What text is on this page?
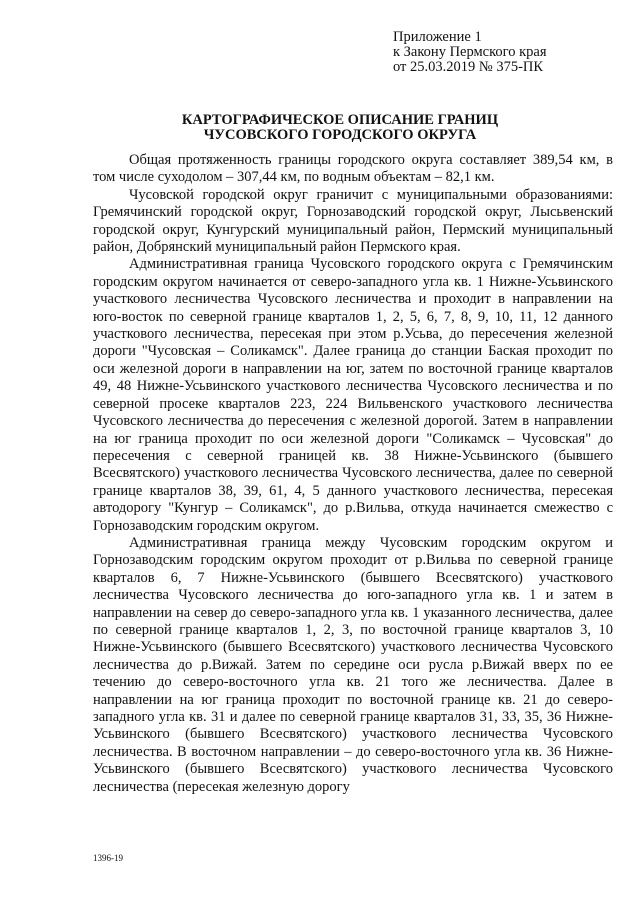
Приложение 1
к Закону Пермского края
от 25.03.2019 № 375-ПК
КАРТОГРАФИЧЕСКОЕ ОПИСАНИЕ ГРАНИЦ
ЧУСОВСКОГО ГОРОДСКОГО ОКРУГА

Общая протяженность границы городского округа составляет 389,54 км, в том числе суходолом – 307,44 км, по водным объектам – 82,1 км.

Чусовской городской округ граничит с муниципальными образованиями: Гремячинский городской округ, Горнозаводский городской округ, Лысьвенский городской округ, Кунгурский муниципальный район, Пермский муниципальный район, Добрянский муниципальный район Пермского края.

Административная граница Чусовского городского округа с Гремячинским городским округом начинается от северо-западного угла кв. 1 Нижне-Усьвинского участкового лесничества Чусовского лесничества и проходит в направлении на юго-восток по северной границе кварталов 1, 2, 5, 6, 7, 8, 9, 10, 11, 12 данного участкового лесничества, пересекая при этом р.Усьва, до пересечения железной дороги "Чусовская – Соликамск". Далее граница до станции Баская проходит по оси железной дороги в направлении на юг, затем по восточной границе кварталов 49, 48 Нижне-Усьвинского участкового лесничества Чусовского лесничества и по северной просеке кварталов 223, 224 Вильвенского участкового лесничества Чусовского лесничества до пересечения с железной дорогой. Затем в направлении на юг граница проходит по оси железной дороги "Соликамск – Чусовская" до пересечения с северной границей кв. 38 Нижне-Усьвинского (бывшего Всесвятского) участкового лесничества Чусовского лесничества, далее по северной границе кварталов 38, 39, 61, 4, 5 данного участкового лесничества, пересекая автодорогу "Кунгур – Соликамск", до р.Вильва, откуда начинается смежество с Горнозаводским городским округом.

Административная граница между Чусовским городским округом и Горнозаводским городским округом проходит от р.Вильва по северной границе кварталов 6, 7 Нижне-Усьвинского (бывшего Всесвятского) участкового лесничества Чусовского лесничества до юго-западного угла кв. 1 и затем в направлении на север до северо-западного угла кв. 1 указанного лесничества, далее по северной границе кварталов 1, 2, 3, по восточной границе кварталов 3, 10 Нижне-Усьвинского (бывшего Всесвятского) участкового лесничества Чусовского лесничества до р.Вижай. Затем по середине оси русла р.Вижай вверх по ее течению до северо-восточного угла кв. 21 того же лесничества. Далее в направлении на юг граница проходит по восточной границе кв. 21 до северо-западного угла кв. 31 и далее по северной границе кварталов 31, 33, 35, 36 Нижне-Усьвинского (бывшего Всесвятского) участкового лесничества Чусовского лесничества. В восточном направлении – до северо-восточного угла кв. 36 Нижне-Усьвинского (бывшего Всесвятского) участкового лесничества Чусовского лесничества (пересекая железную дорогу

1396-19
